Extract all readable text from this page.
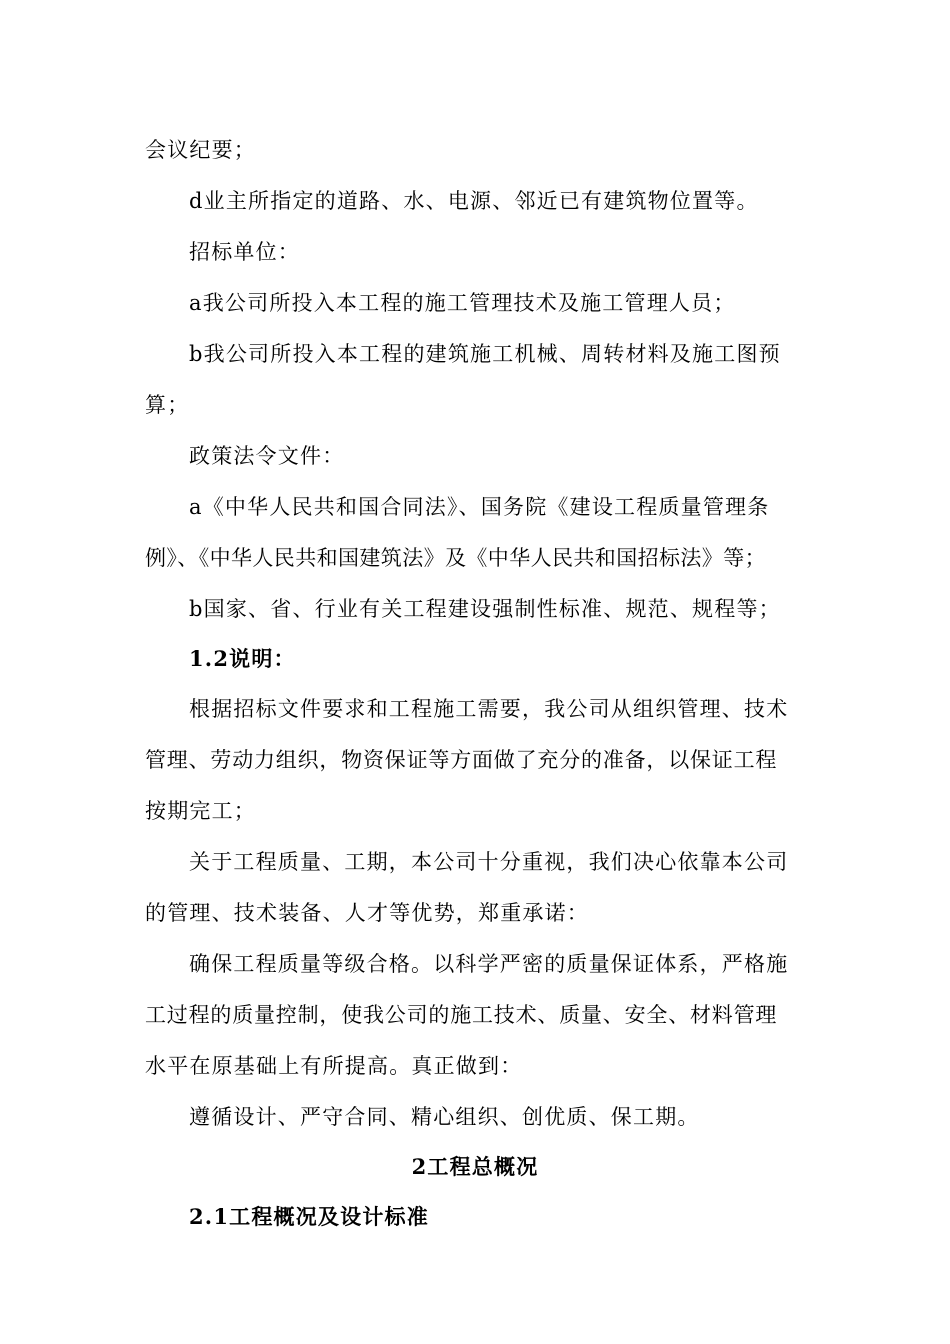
会议纪要；
d业主所指定的道路、水、电源、邻近已有建筑物位置等。
招标单位：
a我公司所投入本工程的施工管理技术及施工管理人员；
b我公司所投入本工程的建筑施工机械、周转材料及施工图预
算；
政策法令文件：
a《中华人民共和国合同法》、国务院《建设工程质量管理条
例》、《中华人民共和国建筑法》及《中华人民共和国招标法》等；
b国家、省、行业有关工程建设强制性标准、规范、规程等；
1.2说明：
根据招标文件要求和工程施工需要，我公司从组织管理、技术
管理、劳动力组织，物资保证等方面做了充分的准备，以保证工程
按期完工；
关于工程质量、工期，本公司十分重视，我们决心依靠本公司
的管理、技术装备、人才等优势，郑重承诺：
确保工程质量等级合格。以科学严密的质量保证体系，严格施
工过程的质量控制，使我公司的施工技术、质量、安全、材料管理
水平在原基础上有所提高。真正做到：
遵循设计、严守合同、精心组织、创优质、保工期。
2工程总概况
2.1工程概况及设计标准
